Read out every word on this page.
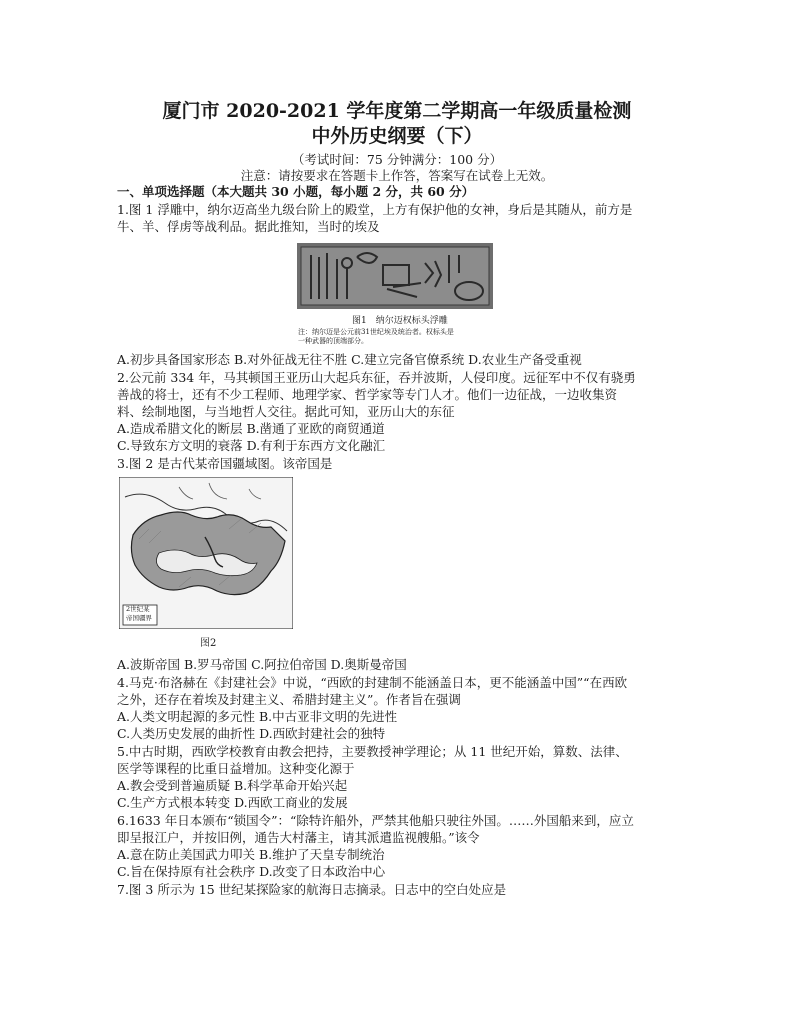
厦门市 2020-2021 学年度第二学期高一年级质量检测
中外历史纲要（下）
（考试时间：75 分钟满分：100 分）
注意：请按要求在答题卡上作答，答案写在试卷上无效。
一、单项选择题（本大题共 30 小题，每小题 2 分，共 60 分）
1.图 1 浮雕中，纳尔迈高坐九级台阶上的殿堂，上方有保护他的女神，身后是其随从，前方是
牛、羊、俘虏等战利品。据此推知，当时的埃及
图1　纳尔迈权标头浮雕
注：纳尔迈是公元前31世纪埃及统治者。权标头是
一种武器的顶端部分。
A.初步具备国家形态 B.对外征战无往不胜 C.建立完备官僚系统 D.农业生产备受重视
2.公元前 334 年，马其顿国王亚历山大起兵东征，吞并波斯，人侵印度。远征军中不仅有骁勇
善战的将士，还有不少工程师、地理学家、哲学家等专门人才。他们一边征战，一边收集资
料、绘制地图，与当地哲人交往。据此可知，亚历山大的东征
A.造成希腊文化的断层 B.凿通了亚欧的商贸通道
C.导致东方文明的衰落 D.有利于东西方文化融汇
3.图 2 是古代某帝国疆域图。该帝国是
2世纪某
帝国疆界
图2
A.波斯帝国 B.罗马帝国 C.阿拉伯帝国 D.奥斯曼帝国
4.马克·布洛赫在《封建社会》中说，“西欧的封建制不能涵盖日本，更不能涵盖中国”“在西欧
之外，还存在着埃及封建主义、希腊封建主义”。作者旨在强调
A.人类文明起源的多元性 B.中古亚非文明的先进性
C.人类历史发展的曲折性 D.西欧封建社会的独特
5.中古时期，西欧学校教育由教会把持，主要教授神学理论；从 11 世纪开始，算数、法律、
医学等课程的比重日益增加。这种变化源于
A.教会受到普遍质疑 B.科学革命开始兴起
C.生产方式根本转变 D.西欧工商业的发展
6.1633 年日本颁布“锁国令”：“除特许船外，严禁其他船只驶往外国。……外国船来到，应立
即呈报江户，并按旧例，通告大村藩主，请其派遣监视艘船。”该令
A.意在防止美国武力叩关 B.维护了天皇专制统治
C.旨在保持原有社会秩序 D.改变了日本政治中心
7.图 3 所示为 15 世纪某探险家的航海日志摘录。日志中的空白处应是
